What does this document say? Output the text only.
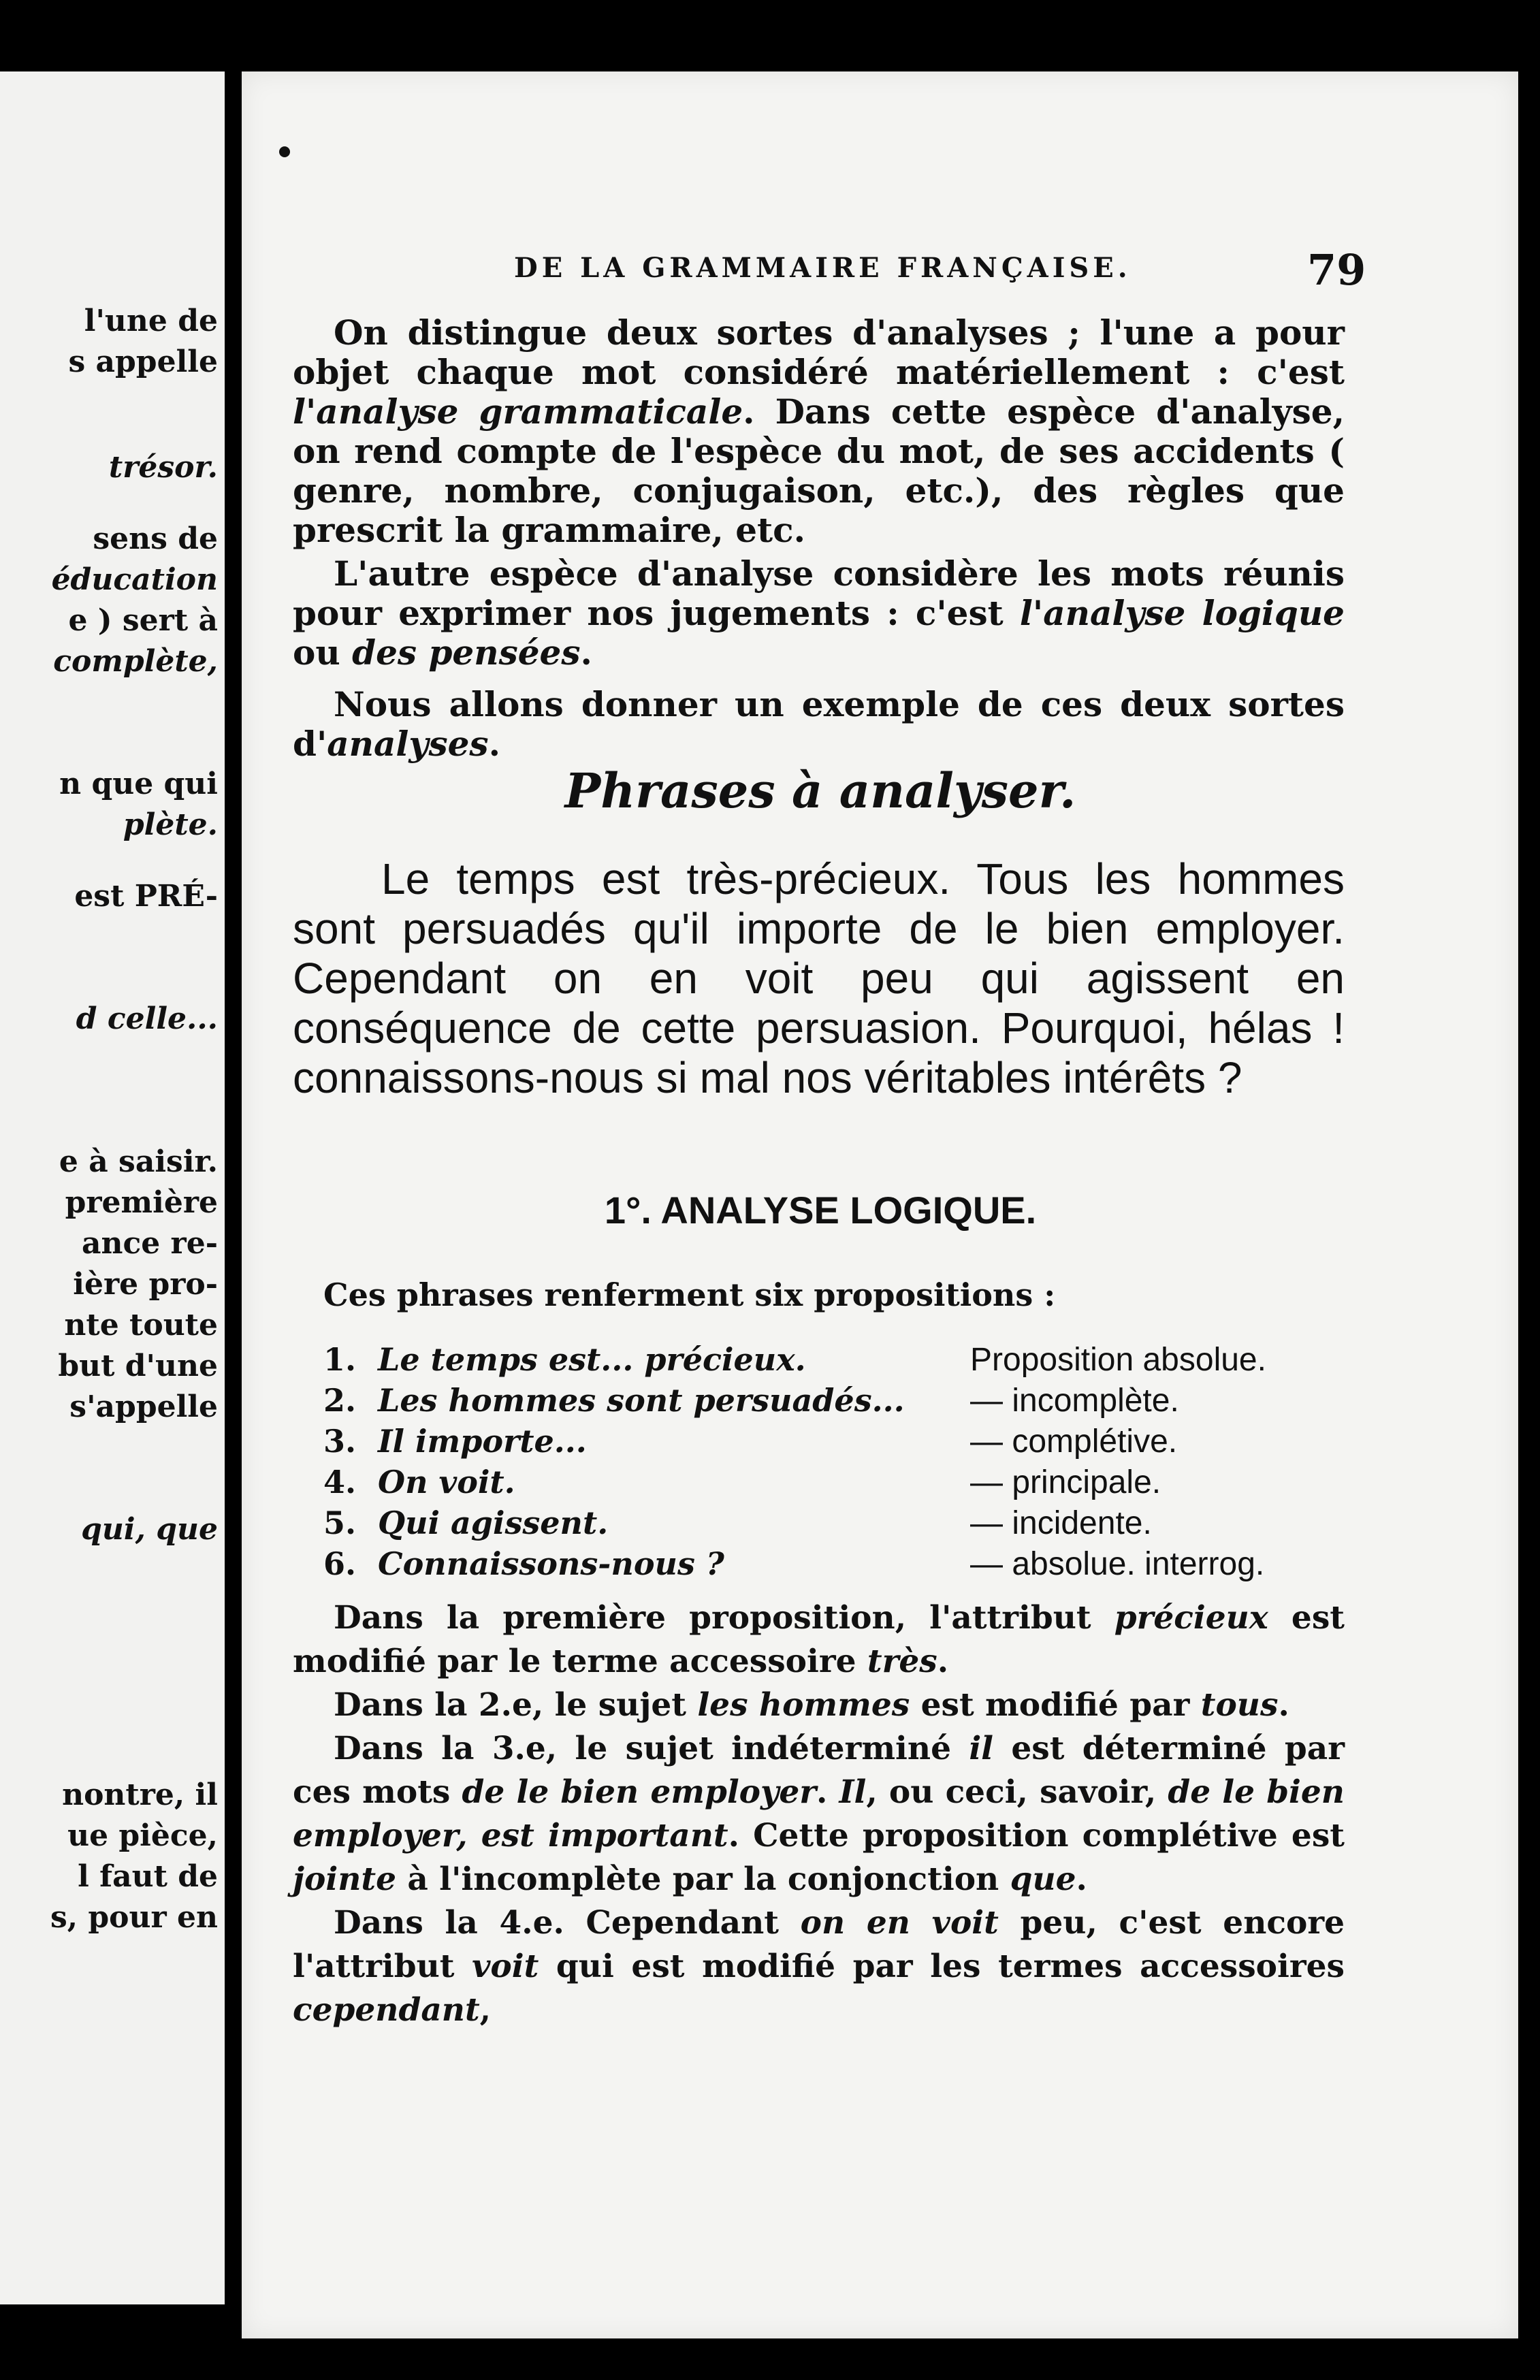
l'une de
s appelle
trésor.
sens de
éducation
e ) sert à
complète,
n que qui
plète.
est PRÉ-
d celle...
e à saisir.
première
ance re-
ière pro-
nte toute
but d'une
s'appelle
qui, que
nontre, il
ue pièce,
l faut de
s, pour en
DE LA GRAMMAIRE FRANÇAISE.	79

On distingue deux sortes d'analyses ; l'une a pour objet chaque mot considéré matériellement : c'est l'analyse grammaticale. Dans cette espèce d'analyse, on rend compte de l'espèce du mot, de ses accidents ( genre, nombre, conjugaison, etc.), des règles que prescrit la grammaire, etc.

L'autre espèce d'analyse considère les mots réunis pour exprimer nos jugements : c'est l'analyse logique ou des pensées.

Nous allons donner un exemple de ces deux sortes d'analyses.

Phrases à analyser.

Le temps est très-précieux. Tous les hommes sont persuadés qu'il importe de le bien employer. Cependant on en voit peu qui agissent en conséquence de cette persuasion. Pourquoi, hélas ! connaissons-nous si mal nos véritables intérêts ?

1°. ANALYSE LOGIQUE.
Ces phrases renferment six propositions :
1. Le temps est... précieux.	Proposition absolue.
2. Les hommes sont persuadés...	— incomplète.
3. Il importe...	— complétive.
4. On voit.	— principale.
5. Qui agissent.	— incidente.
6. Connaissons-nous ?	— absolue. interrog.

Dans la première proposition, l'attribut précieux est modifié par le terme accessoire très.

Dans la 2.e, le sujet les hommes est modifié par tous.

Dans la 3.e, le sujet indéterminé il est déterminé par ces mots de le bien employer. Il, ou ceci, savoir, de le bien employer, est important. Cette proposition complétive est jointe à l'incomplète par la conjonction que.

Dans la 4.e. Cependant on en voit peu, c'est encore l'attribut voit qui est modifié par les termes accessoires cependant,
